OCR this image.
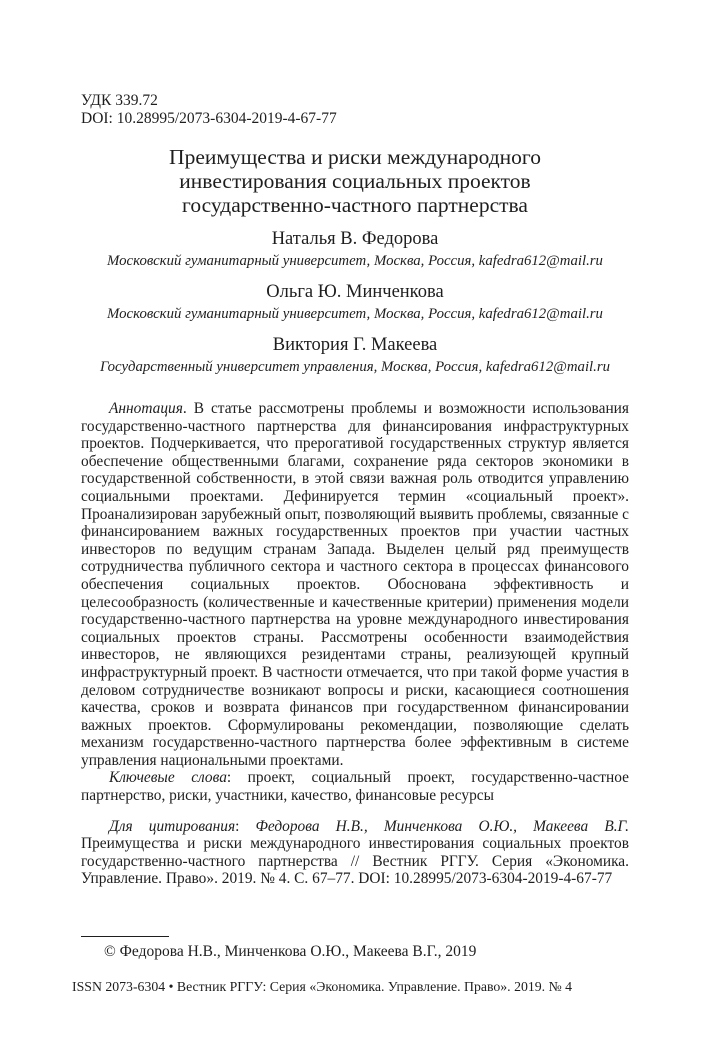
УДК 339.72
DOI: 10.28995/2073-6304-2019-4-67-77
Преимущества и риски международного
инвестирования социальных проектов
государственно-частного партнерства
Наталья В. Федорова
Московский гуманитарный университет, Москва, Россия, kafedra612@mail.ru
Ольга Ю. Минченкова
Московский гуманитарный университет, Москва, Россия, kafedra612@mail.ru
Виктория Г. Макеева
Государственный университет управления, Москва, Россия, kafedra612@mail.ru
Аннотация. В статье рассмотрены проблемы и возможности использования государственно-частного партнерства для финансирования инфраструктурных проектов. Подчеркивается, что прерогативой государственных структур является обеспечение общественными благами, сохранение ряда секторов экономики в государственной собственности, в этой связи важная роль отводится управлению социальными проектами. Дефинируется термин «социальный проект». Проанализирован зарубежный опыт, позволяющий выявить проблемы, связанные с финансированием важных государственных проектов при участии частных инвесторов по ведущим странам Запада. Выделен целый ряд преимуществ сотрудничества публичного сектора и частного сектора в процессах финансового обеспечения социальных проектов. Обоснована эффективность и целесообразность (количественные и качественные критерии) применения модели государственно-частного партнерства на уровне международного инвестирования социальных проектов страны. Рассмотрены особенности взаимодействия инвесторов, не являющихся резидентами страны, реализующей крупный инфраструктурный проект. В частности отмечается, что при такой форме участия в деловом сотрудничестве возникают вопросы и риски, касающиеся соотношения качества, сроков и возврата финансов при государственном финансировании важных проектов. Сформулированы рекомендации, позволяющие сделать механизм государственно-частного партнерства более эффективным в системе управления национальными проектами.
Ключевые слова: проект, социальный проект, государственно-частное партнерство, риски, участники, качество, финансовые ресурсы
Для цитирования: Федорова Н.В., Минченкова О.Ю., Макеева В.Г. Преимущества и риски международного инвестирования социальных проектов государственно-частного партнерства // Вестник РГГУ. Серия «Экономика. Управление. Право». 2019. № 4. С. 67–77. DOI: 10.28995/2073-6304-2019-4-67-77
© Федорова Н.В., Минченкова О.Ю., Макеева В.Г., 2019
ISSN 2073-6304 • Вестник РГГУ: Серия «Экономика. Управление. Право». 2019. № 4
